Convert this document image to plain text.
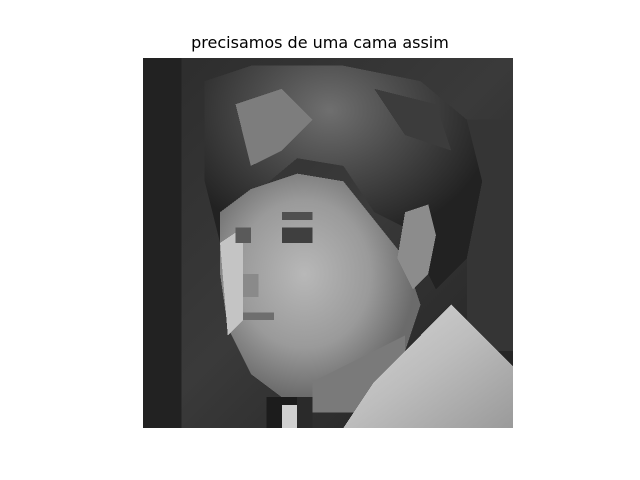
precisamos de uma cama assim
